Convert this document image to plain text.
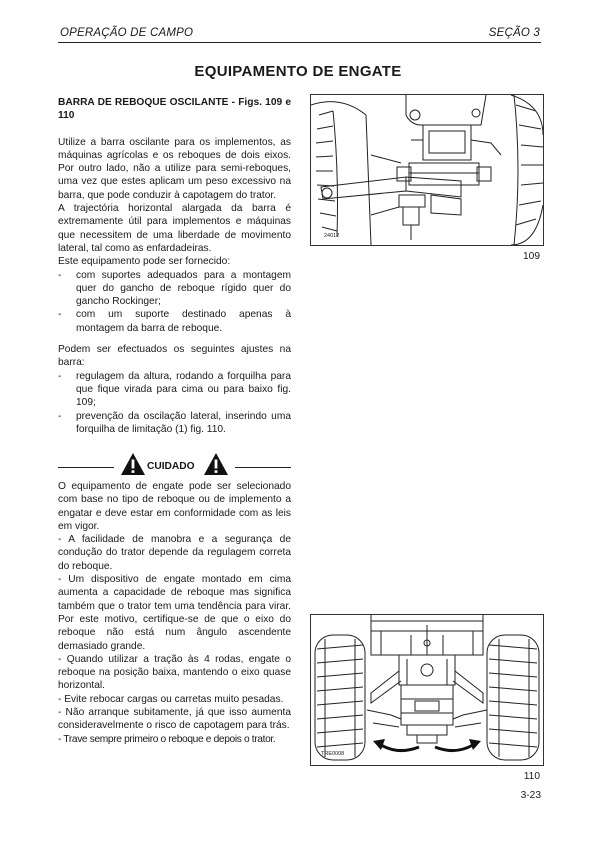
OPERAÇÃO DE CAMPO	SEÇÃO 3
EQUIPAMENTO DE ENGATE

BARRA DE REBOQUE OSCILANTE - Figs. 109 e 110

Utilize a barra oscilante para os implementos, as máquinas agrícolas e os reboques de dois eixos. Por outro lado, não a utilize para semi-reboques, uma vez que estes aplicam um peso excessivo na barra, que pode conduzir à capotagem do trator.

A trajectória horizontal alargada da barra é extremamente útil para implementos e máquinas que necessitem de uma liberdade de movimento lateral, tal como as enfardadeiras.

Este equipamento pode ser fornecido:

- com suportes adequados para a montagem quer do gancho de reboque rígido quer do gancho Rockinger;
- com um suporte destinado apenas à montagem da barra de reboque.

Podem ser efectuados os seguintes ajustes na barra:

- regulagem da altura, rodando a forquilha para que fique virada para cima ou para baixo fig. 109;
- prevenção da oscilação lateral, inserindo uma forquilha de limitação (1) fig. 110.
CUIDADO

O equipamento de engate pode ser selecionado com base no tipo de reboque ou de implemento a engatar e deve estar em conformidade com as leis em vigor.

- A facilidade de manobra e a segurança de condução do trator depende da regulagem correta do reboque.

- Um dispositivo de engate montado em cima aumenta a capacidade de reboque mas significa também que o trator tem uma tendência para virar. Por este motivo, certifique-se de que o eixo do reboque não está num ângulo ascendente demasiado grande.

- Quando utilizar a tração às 4 rodas, engate o reboque na posição baixa, mantendo o eixo quase horizontal.

- Evite rebocar cargas ou carretas muito pesadas.

- Não arranque subitamente, já que isso aumenta consideravelmente o risco de capotagem para trás.

- Trave sempre primeiro o reboque e depois o trator.

24012
109
TRE0008
110
3-23
